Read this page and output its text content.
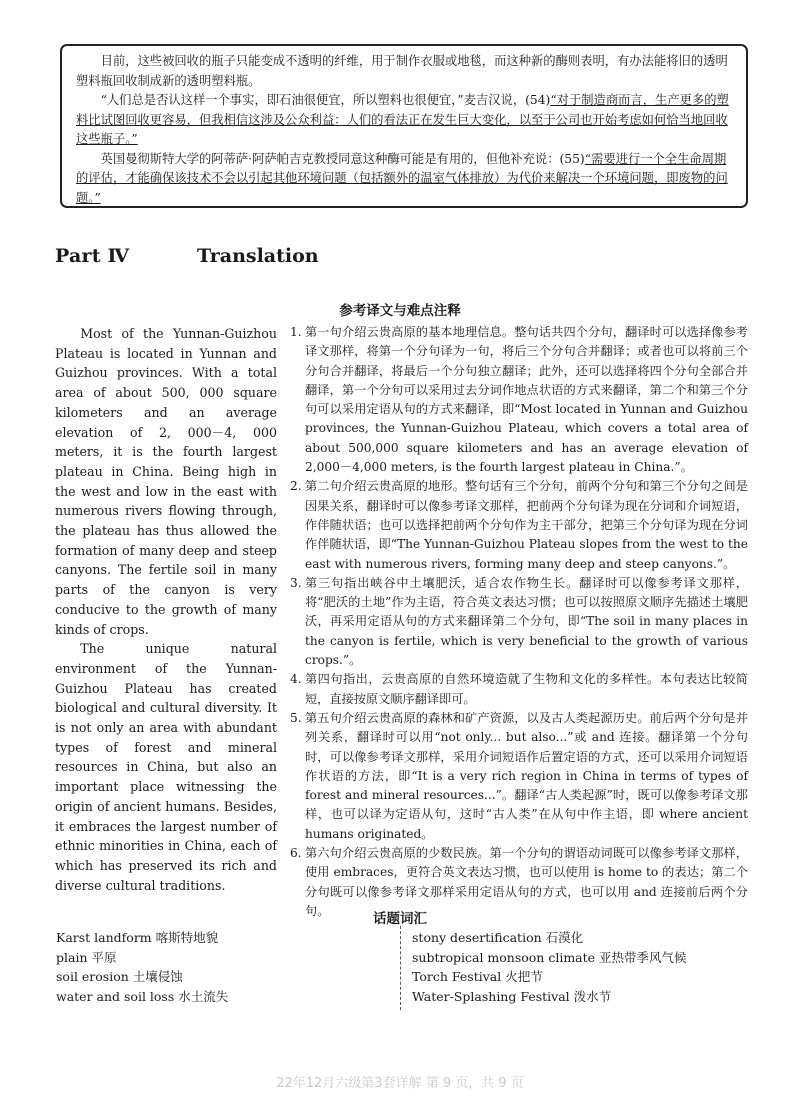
目前，这些被回收的瓶子只能变成不透明的纤维，用于制作衣服或地毯，而这种新的酶则表明，有办法能将旧的透明塑料瓶回收制成新的透明塑料瓶。

“人们总是否认这样一个事实，即石油很便宜，所以塑料也很便宜，”麦吉汉说，(54)“对于制造商而言，生产更多的塑料比试图回收更容易，但我相信这涉及公众利益：人们的看法正在发生巨大变化，以至于公司也开始考虑如何恰当地回收这些瓶子。”

英国曼彻斯特大学的阿蒂萨·阿萨帕吉克教授同意这种酶可能是有用的，但他补充说：(55)“需要进行一个全生命周期的评估，才能确保该技术不会以引起其他环境问题（包括额外的温室气体排放）为代价来解决一个环境问题，即废物的问题。”

Part Ⅳ	Translation
参考译文与难点注释

Most of the Yunnan-Guizhou Plateau is located in Yunnan and Guizhou provinces. With a total area of about 500, 000 square kilometers and an average elevation of 2, 000－4, 000 meters, it is the fourth largest plateau in China. Being high in the west and low in the east with numerous rivers flowing through, the plateau has thus allowed the formation of many deep and steep canyons. The fertile soil in many parts of the canyon is very conducive to the growth of many kinds of crops.

The unique natural environment of the Yunnan-Guizhou Plateau has created biological and cultural diversity. It is not only an area with abundant types of forest and mineral resources in China, but also an important place witnessing the origin of ancient humans. Besides, it embraces the largest number of ethnic minorities in China, each of which has preserved its rich and diverse cultural traditions.

1. 第一句介绍云贵高原的基本地理信息。整句话共四个分句，翻译时可以选择像参考译文那样，将第一个分句译为一句，将后三个分句合并翻译；或者也可以将前三个分句合并翻译，将最后一个分句独立翻译；此外，还可以选择将四个分句全部合并翻译，第一个分句可以采用过去分词作地点状语的方式来翻译，第二个和第三个分句可以采用定语从句的方式来翻译，即“Most located in Yunnan and Guizhou provinces, the Yunnan-Guizhou Plateau, which covers a total area of about 500,000 square kilometers and has an average elevation of 2,000－4,000 meters, is the fourth largest plateau in China.”。
2. 第二句介绍云贵高原的地形。整句话有三个分句，前两个分句和第三个分句之间是因果关系，翻译时可以像参考译文那样，把前两个分句译为现在分词和介词短语，作伴随状语；也可以选择把前两个分句作为主干部分，把第三个分句译为现在分词作伴随状语，即“The Yunnan-Guizhou Plateau slopes from the west to the east with numerous rivers, forming many deep and steep canyons.”。
3. 第三句指出峡谷中土壤肥沃，适合农作物生长。翻译时可以像参考译文那样，将“肥沃的土地”作为主语，符合英文表达习惯；也可以按照原文顺序先描述土壤肥沃，再采用定语从句的方式来翻译第二个分句，即“The soil in many places in the canyon is fertile, which is very beneficial to the growth of various crops.”。
4. 第四句指出，云贵高原的自然环境造就了生物和文化的多样性。本句表达比较简短，直接按原文顺序翻译即可。
5. 第五句介绍云贵高原的森林和矿产资源，以及古人类起源历史。前后两个分句是并列关系，翻译时可以用“not only... but also...”或 and 连接。翻译第一个分句时，可以像参考译文那样，采用介词短语作后置定语的方式，还可以采用介词短语作状语的方法，即“It is a very rich region in China in terms of types of forest and mineral resources...”。翻译“古人类起源”时，既可以像参考译文那样，也可以译为定语从句，这时“古人类”在从句中作主语，即 where ancient humans originated。
6. 第六句介绍云贵高原的少数民族。第一个分句的谓语动词既可以像参考译文那样，使用 embraces，更符合英文表达习惯，也可以使用 is home to 的表达；第二个分句既可以像参考译文那样采用定语从句的方式，也可以用 and 连接前后两个分句。
话题词汇
Karst landform 喀斯特地貌
plain 平原
soil erosion 土壤侵蚀
water and soil loss 水土流失
stony desertification 石漠化
subtropical monsoon climate 亚热带季风气候
Torch Festival 火把节
Water-Splashing Festival 泼水节
22年12月六级第3套详解 第 9 页，共 9 页
